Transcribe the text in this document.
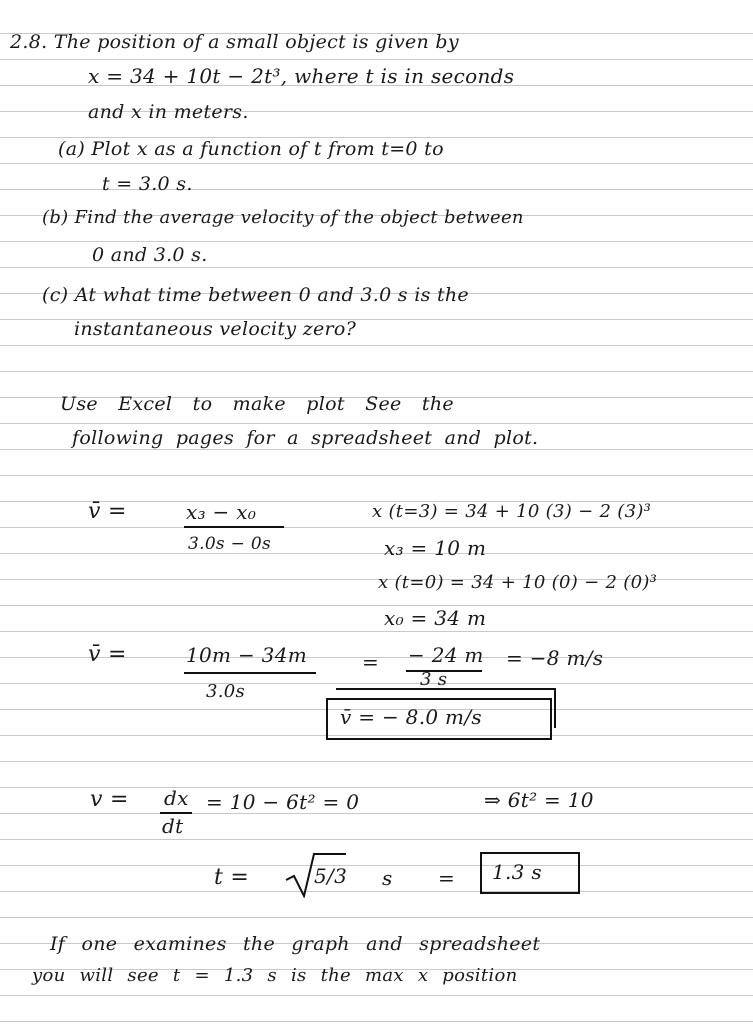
2.8. The position of a small object is given by
x = 34 + 10t − 2t³, where t is in seconds
and x in meters.
(a) Plot x as a function of t from t=0 to
t = 3.0 s.
(b) Find the average velocity of the object between
0 and 3.0 s.
(c) At what time between 0 and 3.0 s is the
instantaneous velocity zero?
Use Excel to make plot See the
following pages for a spreadsheet and plot.
v̄ =	x₃ − x₀
3.0s − 0s
x (t=3) = 34 + 10 (3) − 2 (3)³
x₃ = 10 m
x (t=0) = 34 + 10 (0) − 2 (0)³
x₀ = 34 m
v̄ =	10m − 34m
3.0s
= − 24 m
3 s
= −8 m/s
v̄ = − 8.0 m/s
v = dx
dt
= 10 − 6t² = 0	⇒ 6t² = 10
t =	5/3 s = 1.3 s
If one examines the graph and spreadsheet
you will see t = 1.3 s is the max x position
